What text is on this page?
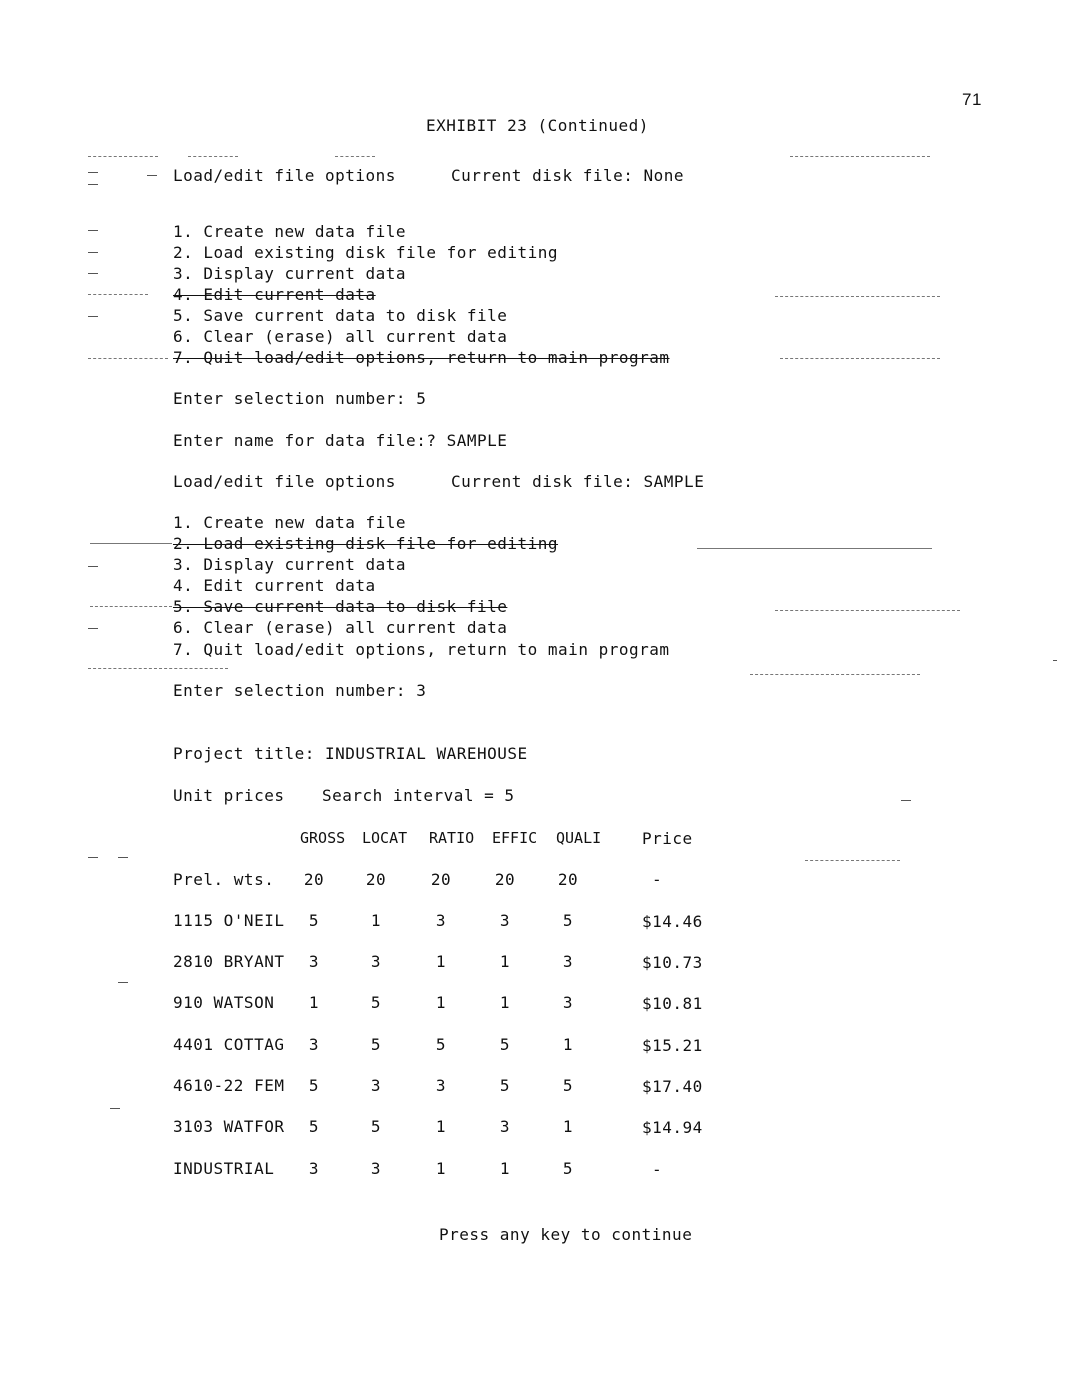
71
EXHIBIT 23 (Continued)
Load/edit file options	Current disk file: None
1. Create new data file
2. Load existing disk file for editing
3. Display current data
4. Edit current data
5. Save current data to disk file
6. Clear (erase) all current data
7. Quit load/edit options, return to main program
Enter selection number: 5
Enter name for data file:? SAMPLE
Load/edit file options	Current disk file: SAMPLE
1. Create new data file
2. Load existing disk file for editing
3. Display current data
4. Edit current data
5. Save current data to disk file
6. Clear (erase) all current data
7. Quit load/edit options, return to main program
Enter selection number: 3
Project title: INDUSTRIAL WAREHOUSE
Unit prices Search interval = 5
GROSS LOCAT RATIO EFFIC QUALI	Price
Prel. wts.	20	20	20	20	20	-
1115 O'NEIL	5	1	3	3	5	$14.46
2810 BRYANT	3	3	1	1	3	$10.73
910 WATSON	1	5	1	1	3	$10.81
4401 COTTAG	3	5	5	5	1	$15.21
4610-22 FEM	5	3	3	5	5	$17.40
3103 WATFOR	5	5	1	3	1	$14.94
INDUSTRIAL	3	3	1	1	5	-
Press any key to continue
